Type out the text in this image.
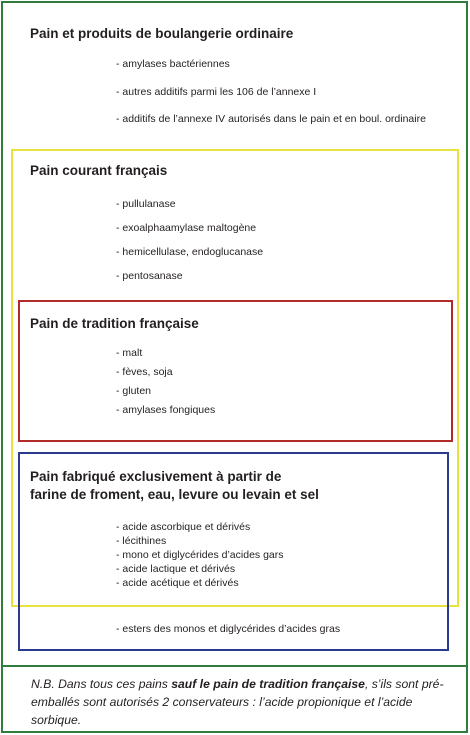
Pain et produits de boulangerie ordinaire
- amylases bactériennes
- autres additifs parmi les 106 de l’annexe I
- additifs de l’annexe IV autorisés dans le pain et en boul. ordinaire
Pain courant français
- pullulanase
- exoalphaamylase maltogène
- hemicellulase, endoglucanase
- pentosanase
Pain de tradition française
- malt
- fèves, soja
- gluten
- amylases fongiques
Pain fabriqué exclusivement à partir de
farine de froment, eau, levure ou levain et sel
- acide ascorbique et dérivés
- lécithines
- mono et diglycérides d’acides gars
- acide lactique et dérivés
- acide acétique et dérivés
- esters des monos et diglycérides d’acides gras
N.B. Dans tous ces pains sauf le pain de tradition française, s’ils sont pré-emballés sont autorisés 2 conservateurs : l’acide propionique et l’acide sorbique.
